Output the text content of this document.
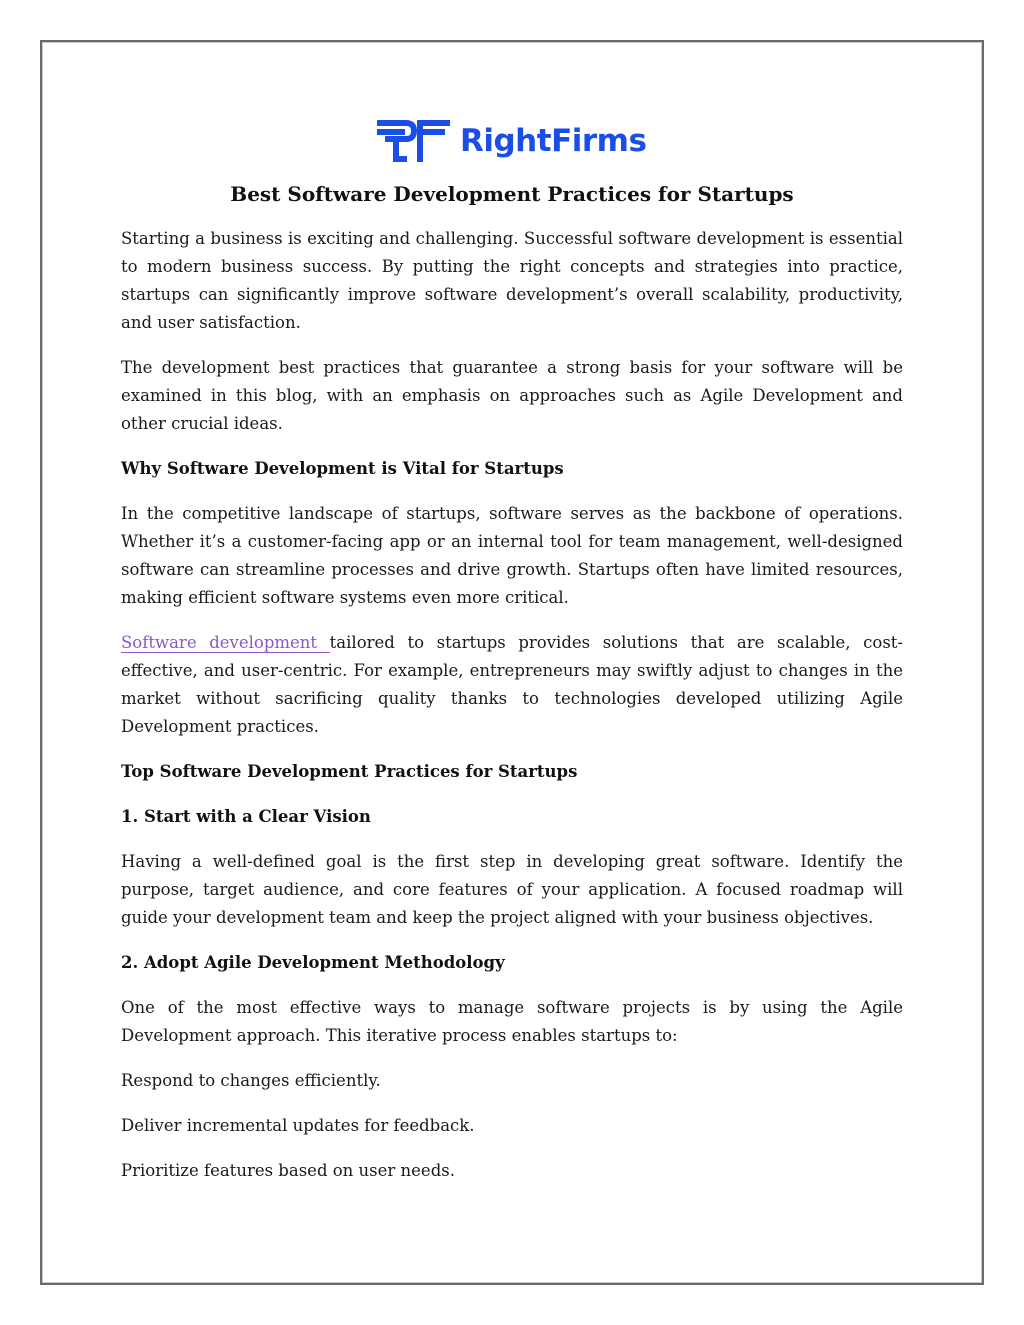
RightFirms
Best Software Development Practices for Startups

Starting a business is exciting and challenging. Successful software development is essential to modern business success. By putting the right concepts and strategies into practice, startups can significantly improve software development’s overall scalability, productivity, and user satisfaction.

The development best practices that guarantee a strong basis for your software will be examined in this blog, with an emphasis on approaches such as Agile Development and other crucial ideas.

Why Software Development is Vital for Startups

In the competitive landscape of startups, software serves as the backbone of operations. Whether it’s a customer-facing app or an internal tool for team management, well-designed software can streamline processes and drive growth. Startups often have limited resources, making efficient software systems even more critical.

Software development tailored to startups provides solutions that are scalable, cost-effective, and user-centric. For example, entrepreneurs may swiftly adjust to changes in the market without sacrificing quality thanks to technologies developed utilizing Agile Development practices.

Top Software Development Practices for Startups
1. Start with a Clear Vision

Having a well-defined goal is the first step in developing great software. Identify the purpose, target audience, and core features of your application. A focused roadmap will guide your development team and keep the project aligned with your business objectives.

2. Adopt Agile Development Methodology

One of the most effective ways to manage software projects is by using the Agile Development approach. This iterative process enables startups to:

Respond to changes efficiently.

Deliver incremental updates for feedback.

Prioritize features based on user needs.
